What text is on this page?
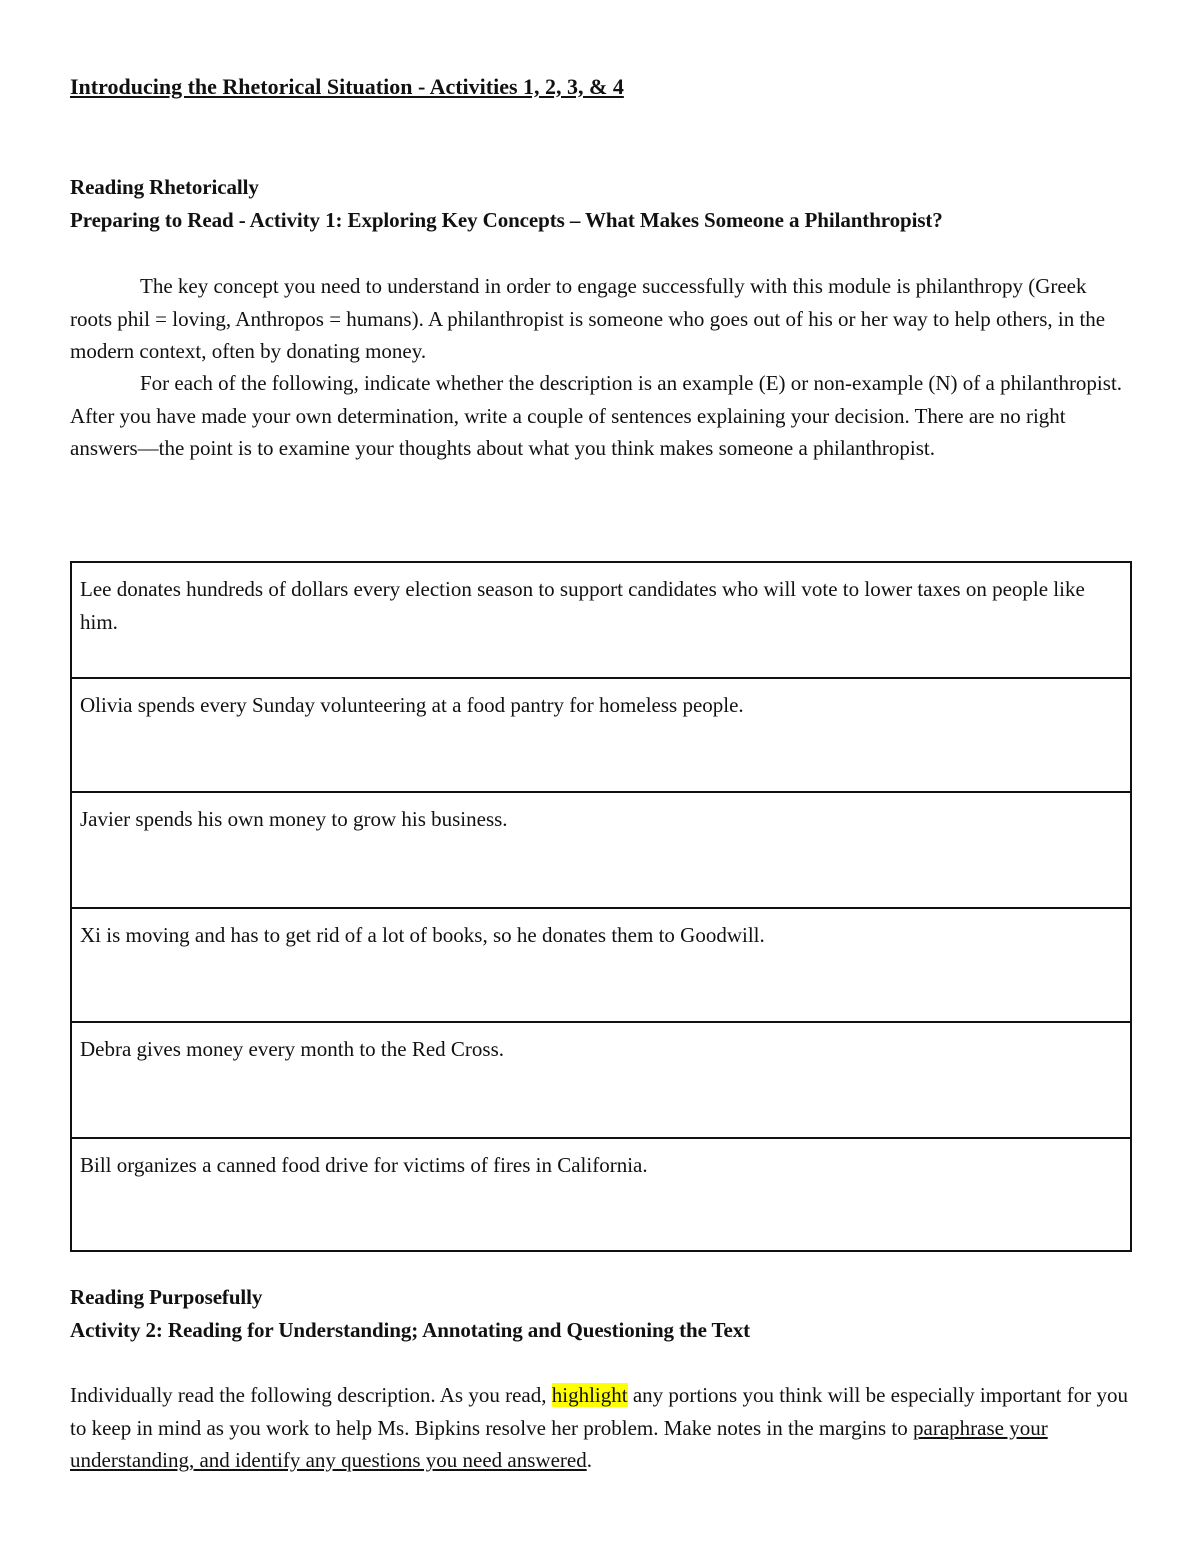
Introducing the Rhetorical Situation - Activities 1, 2, 3, & 4
Reading Rhetorically
Preparing to Read - Activity 1: Exploring Key Concepts – What Makes Someone a Philanthropist?

The key concept you need to understand in order to engage successfully with this module is philanthropy (Greek roots phil = loving, Anthropos = humans). A philanthropist is someone who goes out of his or her way to help others, in the modern context, often by donating money.

For each of the following, indicate whether the description is an example (E) or non-example (N) of a philanthropist. After you have made your own determination, write a couple of sentences explaining your decision. There are no right answers—the point is to examine your thoughts about what you think makes someone a philanthropist.

Lee donates hundreds of dollars every election season to support candidates who will vote to lower taxes on people like him.
Olivia spends every Sunday volunteering at a food pantry for homeless people.
Javier spends his own money to grow his business.
Xi is moving and has to get rid of a lot of books, so he donates them to Goodwill.
Debra gives money every month to the Red Cross.
Bill organizes a canned food drive for victims of fires in California.
Reading Purposefully
Activity 2: Reading for Understanding; Annotating and Questioning the Text

Individually read the following description. As you read, highlight any portions you think will be especially important for you to keep in mind as you work to help Ms. Bipkins resolve her problem. Make notes in the margins to paraphrase your understanding, and identify any questions you need answered.
